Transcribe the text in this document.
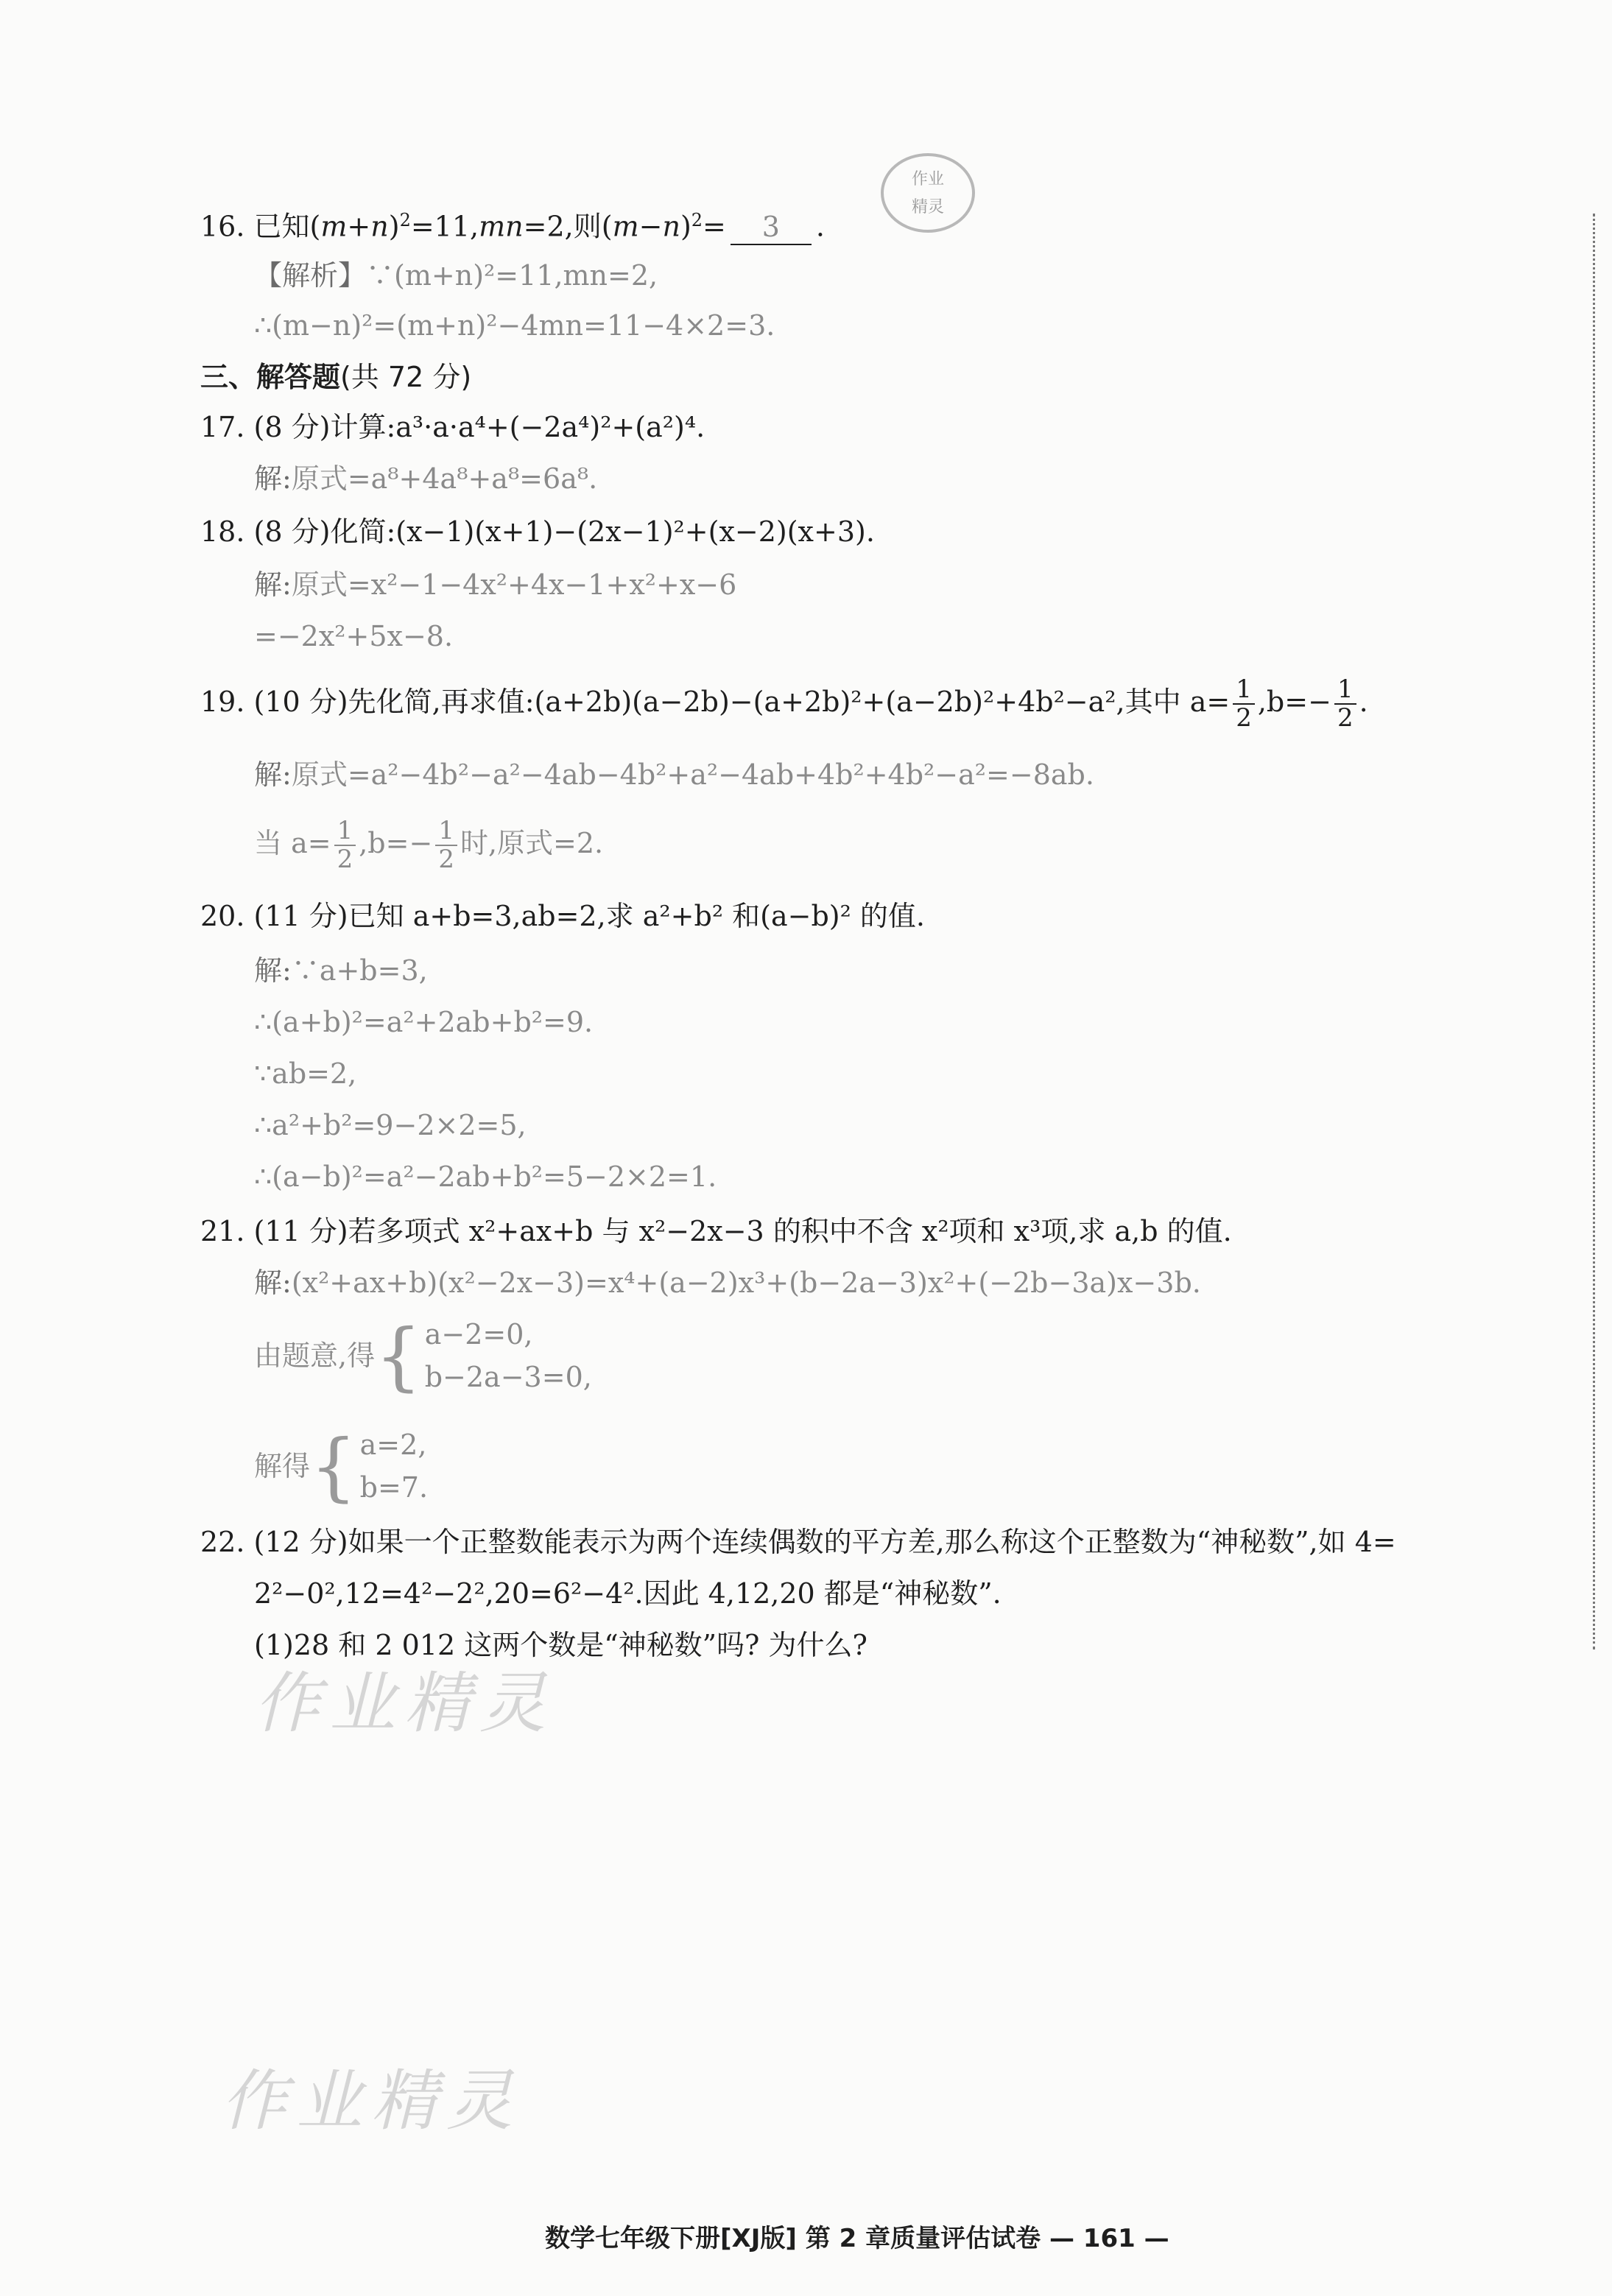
作业
精灵
16. 已知$(m+n)^2=11,mn=2$,则$(m-n)^2= 3$ .
【解析】∵(m+n)²=11,mn=2,
∴(m−n)²=(m+n)²−4mn=11−4×2=3.
三、解答题(共 72 分)
17. (8 分)计算:a³·a·a⁴+(−2a⁴)²+(a²)⁴.
解:原式=a⁸+4a⁸+a⁸=6a⁸.
18. (8 分)化简:(x−1)(x+1)−(2x−1)²+(x−2)(x+3).
解:原式=x²−1−4x²+4x−1+x²+x−6
=−2x²+5x−8.
19. (10 分)先化简,再求值:(a+2b)(a−2b)−(a+2b)²+(a−2b)²+4b²−a²,其中 $a= \frac{1}{2} ,b=- \frac{1}{2}$ .
解:原式=a²−4b²−a²−4ab−4b²+a²−4ab+4b²+4b²−a²=−8ab.
当 $a= \frac{1}{2} ,b=- \frac{1}{2}$ 时,原式=2.
20. (11 分)已知 a+b=3,ab=2,求 a²+b² 和(a−b)² 的值.
解:∵a+b=3,
∴(a+b)²=a²+2ab+b²=9.
∵ab=2,
∴a²+b²=9−2×2=5,
∴(a−b)²=a²−2ab+b²=5−2×2=1.
21. (11 分)若多项式 x²+ax+b 与 x²−2x−3 的积中不含 x²项和 x³项,求 a,b 的值.
解:(x²+ax+b)(x²−2x−3)=x⁴+(a−2)x³+(b−2a−3)x²+(−2b−3a)x−3b.
由题意,得 { a−2=0,
b−2a−3=0,
解得 { a=2,
b=7.
22. (12 分)如果一个正整数能表示为两个连续偶数的平方差,那么称这个正整数为“神秘数”,如 4=
2²−0²,12=4²−2²,20=6²−4².因此 4,12,20 都是“神秘数”.
(1)28 和 2 012 这两个数是“神秘数”吗? 为什么?
作业精灵
作业精灵
数学七年级下册[XJ版] 第 2 章质量评估试卷 — 161 —
